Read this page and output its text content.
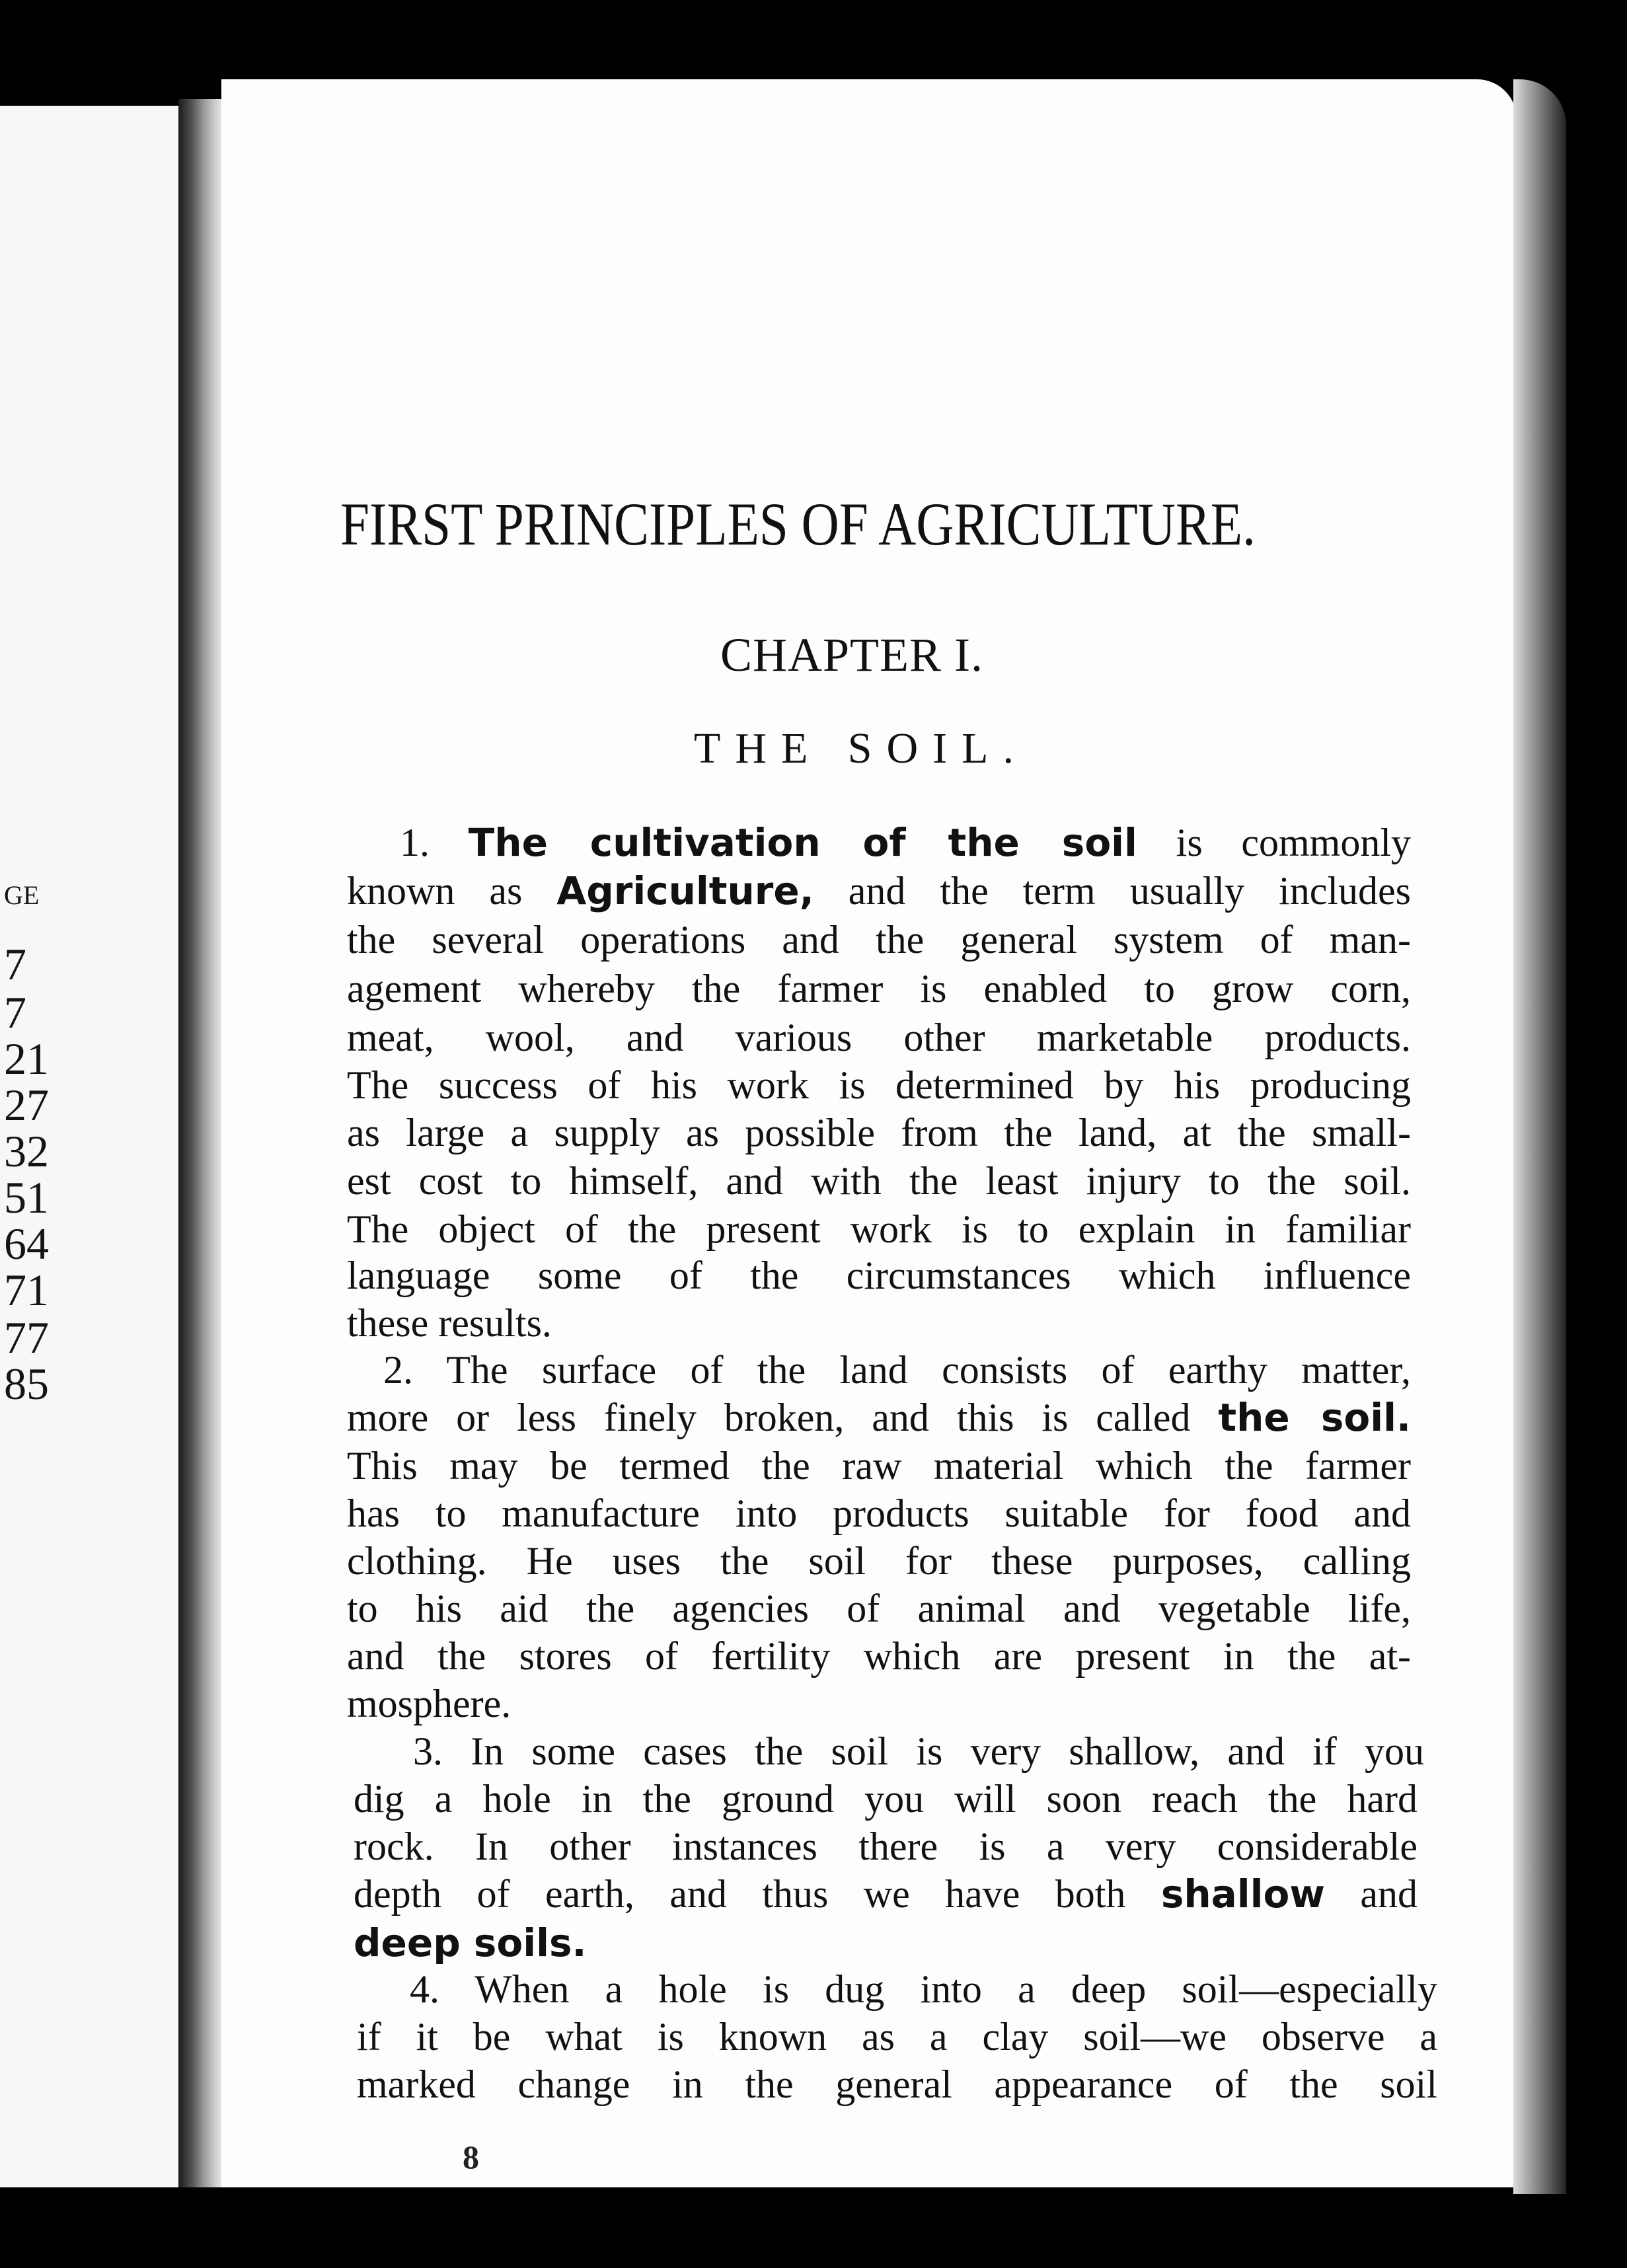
GE
7
7
21
27
32
51
64
71
77
85
FIRST PRINCIPLES OF AGRICULTURE.
CHAPTER I.
THE SOIL.
1. The cultivation of the soil is commonly
known as Agriculture, and the term usually includes
the several operations and the general system of man-
agement whereby the farmer is enabled to grow corn,
meat, wool, and various other marketable products.
The success of his work is determined by his producing
as large a supply as possible from the land, at the small-
est cost to himself, and with the least injury to the soil.
The object of the present work is to explain in familiar
language some of the circumstances which influence
these results.
2. The surface of the land consists of earthy matter,
more or less finely broken, and this is called the soil.
This may be termed the raw material which the farmer
has to manufacture into products suitable for food and
clothing. He uses the soil for these purposes, calling
to his aid the agencies of animal and vegetable life,
and the stores of fertility which are present in the at-
mosphere.
3. In some cases the soil is very shallow, and if you
dig a hole in the ground you will soon reach the hard
rock. In other instances there is a very considerable
depth of earth, and thus we have both shallow and
deep soils.
4. When a hole is dug into a deep soil—especially
if it be what is known as a clay soil—we observe a
marked change in the general appearance of the soil
8
